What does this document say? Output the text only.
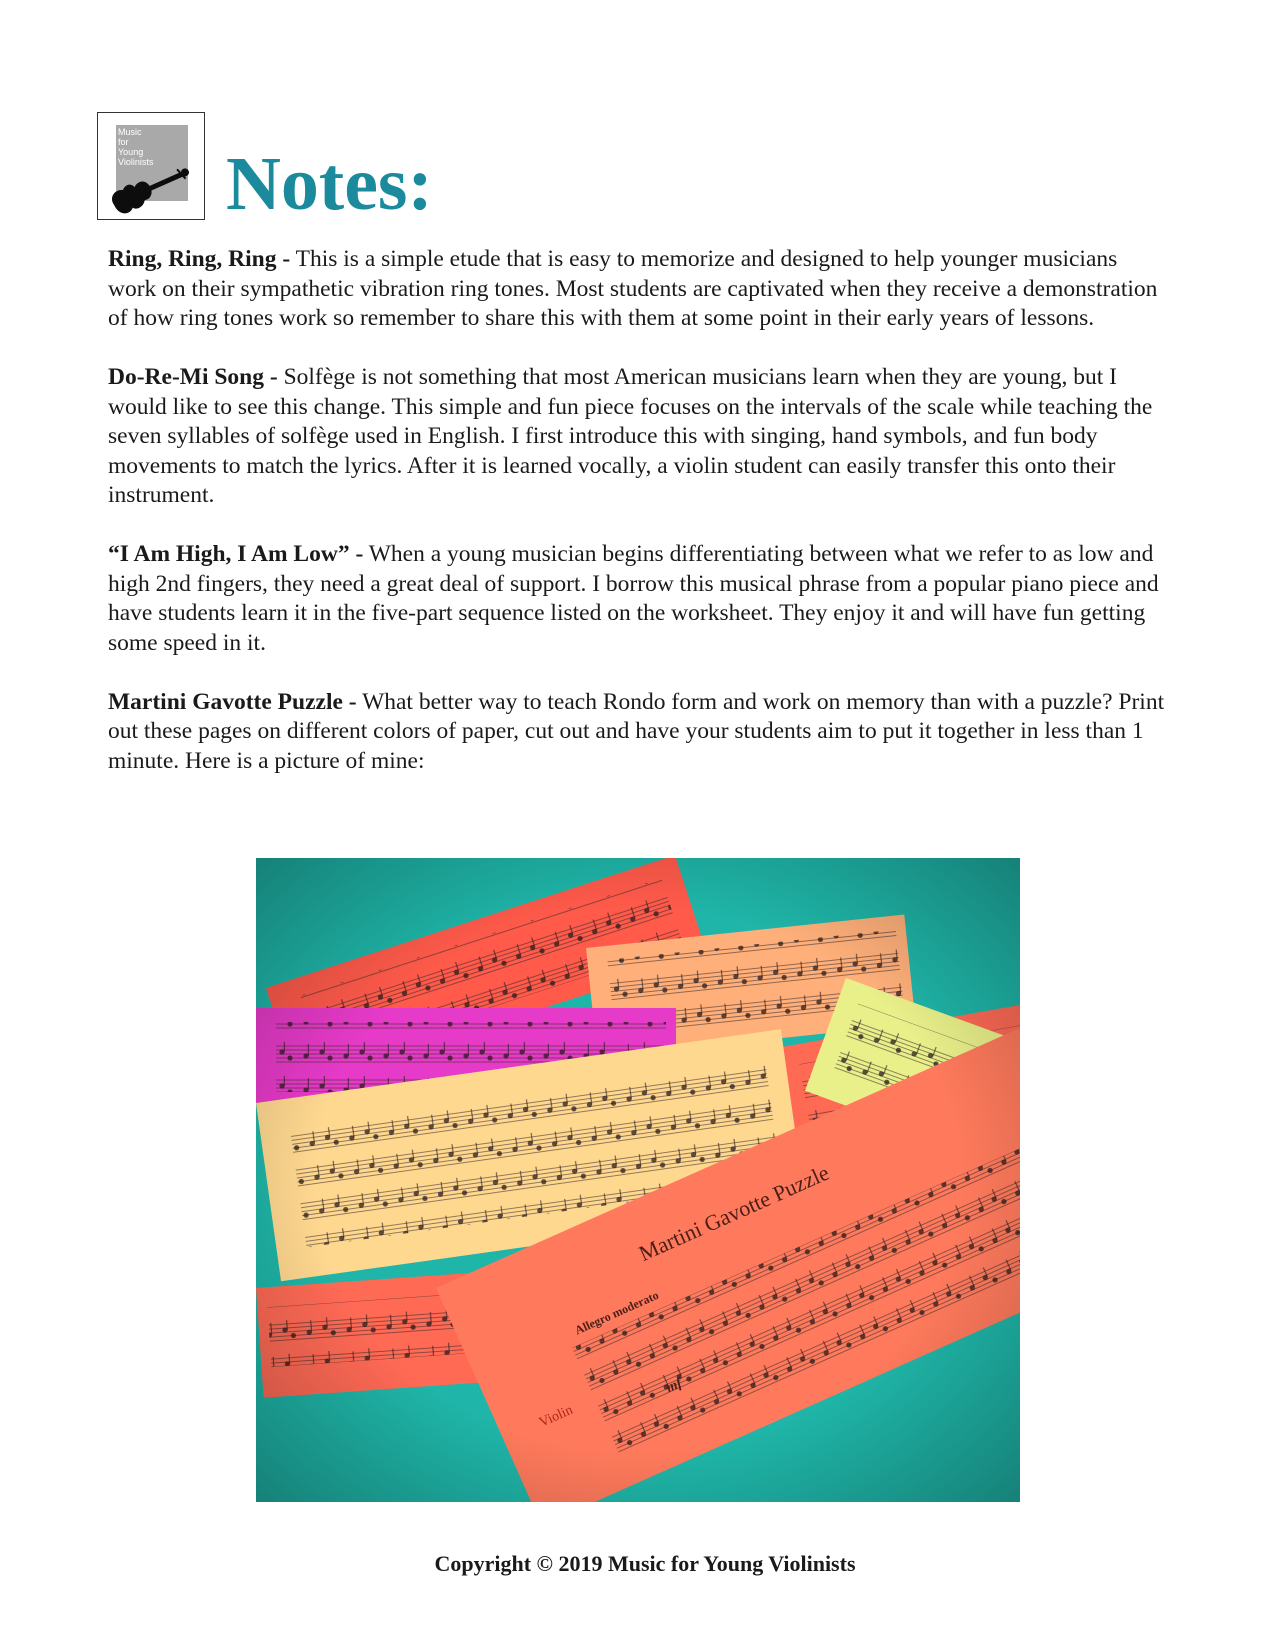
Music
for
Young
Violinists Notes:

Ring, Ring, Ring - This is a simple etude that is easy to memorize and designed to help younger musicians work on their sympathetic vibration ring tones. Most students are captivated when they receive a demonstration of how ring tones work so remember to share this with them at some point in their early years of lessons.

Do-Re-Mi Song - Solfège is not something that most American musicians learn when they are young, but I would like to see this change. This simple and fun piece focuses on the intervals of the scale while teaching the seven syllables of solfège used in English. I first introduce this with singing, hand symbols, and fun body movements to match the lyrics. After it is learned vocally, a violin student can easily transfer this onto their instrument.

“I Am High, I Am Low” - When a young musician begins differentiating between what we refer to as low and high 2nd fingers, they need a great deal of support. I borrow this musical phrase from a popular piano piece and have students learn it in the five-part sequence listed on the worksheet. They enjoy it and will have fun getting some speed in it.

Martini Gavotte Puzzle - What better way to teach Rondo form and work on memory than with a puzzle? Print out these pages on different colors of paper, cut out and have your students aim to put it together in less than 1 minute. Here is a picture of mine:

Copyright © 2019 Music for Young Violinists
